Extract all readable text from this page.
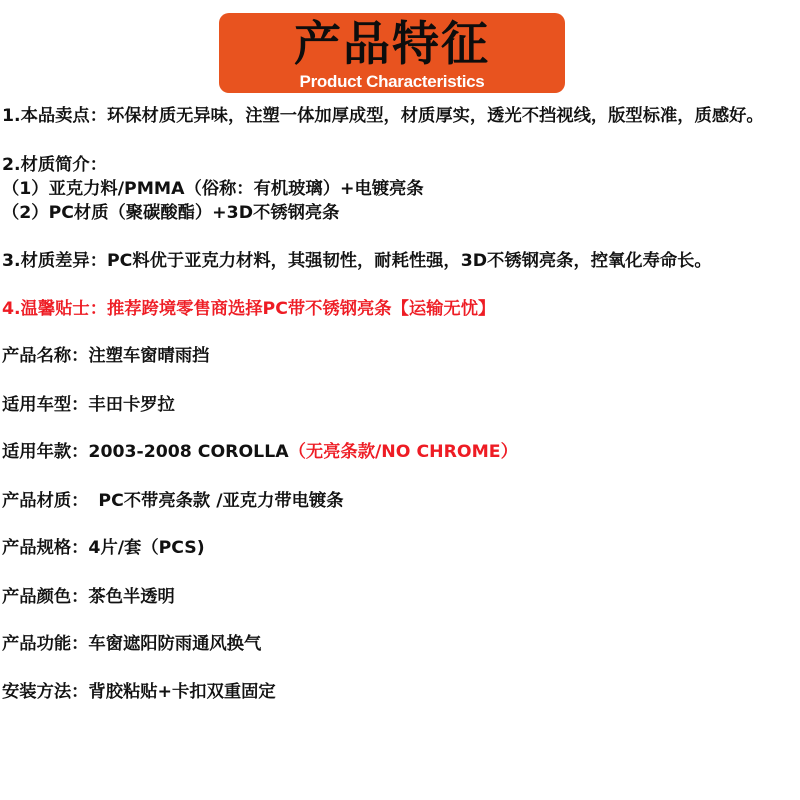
产品特征
Product Characteristics
1.本品卖点：环保材质无异味，注塑一体加厚成型，材质厚实，透光不挡视线，版型标准，质感好。
2.材质简介：
（1）亚克力料/PMMA（俗称：有机玻璃）+电镀亮条
（2）PC材质（聚碳酸酯）+3D不锈钢亮条
3.材质差异：PC料优于亚克力材料，其强韧性，耐耗性强，3D不锈钢亮条，控氧化寿命长。
4.温馨贴士：推荐跨境零售商选择PC带不锈钢亮条【运输无忧】
产品名称：注塑车窗晴雨挡
适用车型：丰田卡罗拉
适用年款：2003-2008 COROLLA（无亮条款/NO CHROME）
产品材质： PC不带亮条款 /亚克力带电镀条
产品规格：4片/套（PCS)
产品颜色：茶色半透明
产品功能：车窗遮阳防雨通风换气
安装方法：背胶粘贴+卡扣双重固定
